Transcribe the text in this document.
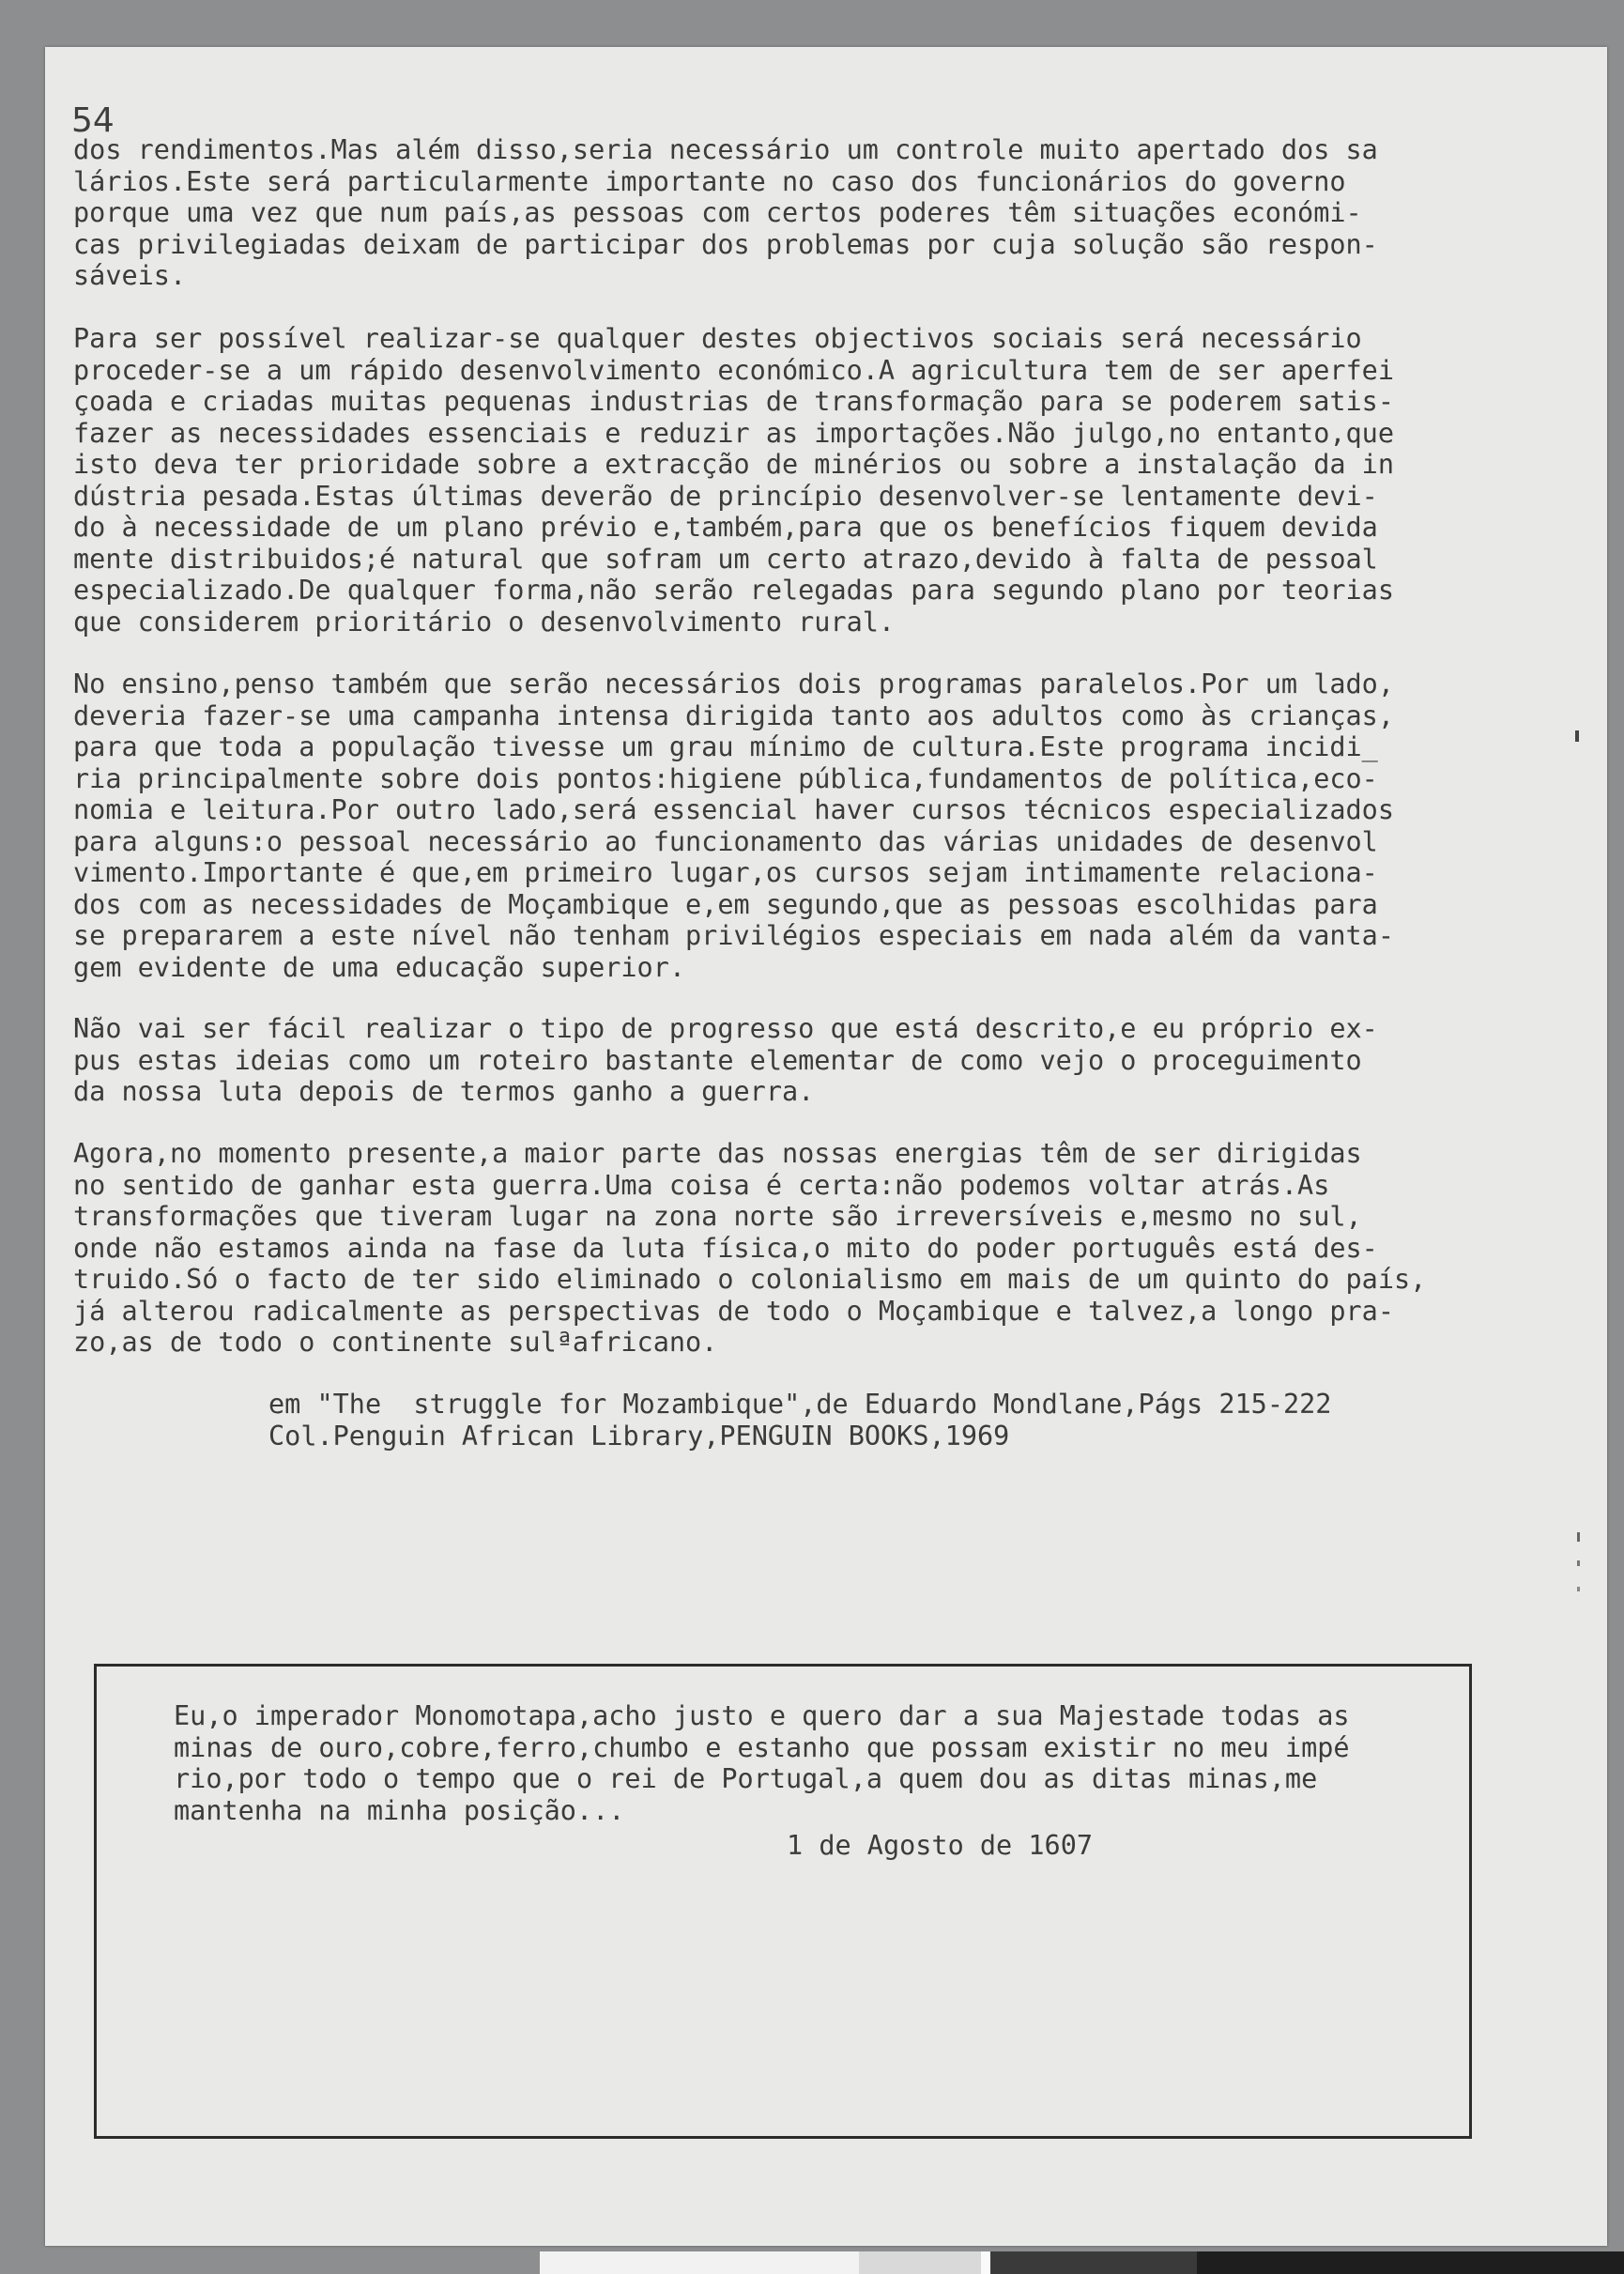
54

dos rendimentos.Mas além disso,seria necessário um controle muito apertado dos sa
lários.Este será particularmente importante no caso dos funcionários do governo
porque uma vez que num país,as pessoas com certos poderes têm situações económi-
cas privilegiadas deixam de participar dos problemas por cuja solução são respon-
sáveis.

Para ser possível realizar-se qualquer destes objectivos sociais será necessário
proceder-se a um rápido desenvolvimento económico.A agricultura tem de ser aperfei
çoada e criadas muitas pequenas industrias de transformação para se poderem satis-
fazer as necessidades essenciais e reduzir as importações.Não julgo,no entanto,que
isto deva ter prioridade sobre a extracção de minérios ou sobre a instalação da in
dústria pesada.Estas últimas deverão de princípio desenvolver-se lentamente devi-
do à necessidade de um plano prévio e,também,para que os benefícios fiquem devida
mente distribuidos;é natural que sofram um certo atrazo,devido à falta de pessoal
especializado.De qualquer forma,não serão relegadas para segundo plano por teorias
que considerem prioritário o desenvolvimento rural.

No ensino,penso também que serão necessários dois programas paralelos.Por um lado,
deveria fazer-se uma campanha intensa dirigida tanto aos adultos como às crianças,
para que toda a população tivesse um grau mínimo de cultura.Este programa incidi_
ria principalmente sobre dois pontos:higiene pública,fundamentos de política,eco-
nomia e leitura.Por outro lado,será essencial haver cursos técnicos especializados
para alguns:o pessoal necessário ao funcionamento das várias unidades de desenvol
vimento.Importante é que,em primeiro lugar,os cursos sejam intimamente relaciona-
dos com as necessidades de Moçambique e,em segundo,que as pessoas escolhidas para
se prepararem a este nível não tenham privilégios especiais em nada além da vanta-
gem evidente de uma educação superior.

Não vai ser fácil realizar o tipo de progresso que está descrito,e eu próprio ex-
pus estas ideias como um roteiro bastante elementar de como vejo o proceguimento
da nossa luta depois de termos ganho a guerra.

Agora,no momento presente,a maior parte das nossas energias têm de ser dirigidas
no sentido de ganhar esta guerra.Uma coisa é certa:não podemos voltar atrás.As
transformações que tiveram lugar na zona norte são irreversíveis e,mesmo no sul,
onde não estamos ainda na fase da luta física,o mito do poder português está des-
truido.Só o facto de ter sido eliminado o colonialismo em mais de um quinto do país,
já alterou radicalmente as perspectivas de todo o Moçambique e talvez,a longo pra-
zo,as de todo o continente sulªafricano.

em "The  struggle for Mozambique",de Eduardo Mondlane,Págs 215-222
Col.Penguin African Library,PENGUIN BOOKS,1969

Eu,o imperador Monomotapa,acho justo e quero dar a sua Majestade todas as
minas de ouro,cobre,ferro,chumbo e estanho que possam existir no meu impé
rio,por todo o tempo que o rei de Portugal,a quem dou as ditas minas,me
mantenha na minha posição...

1 de Agosto de 1607
